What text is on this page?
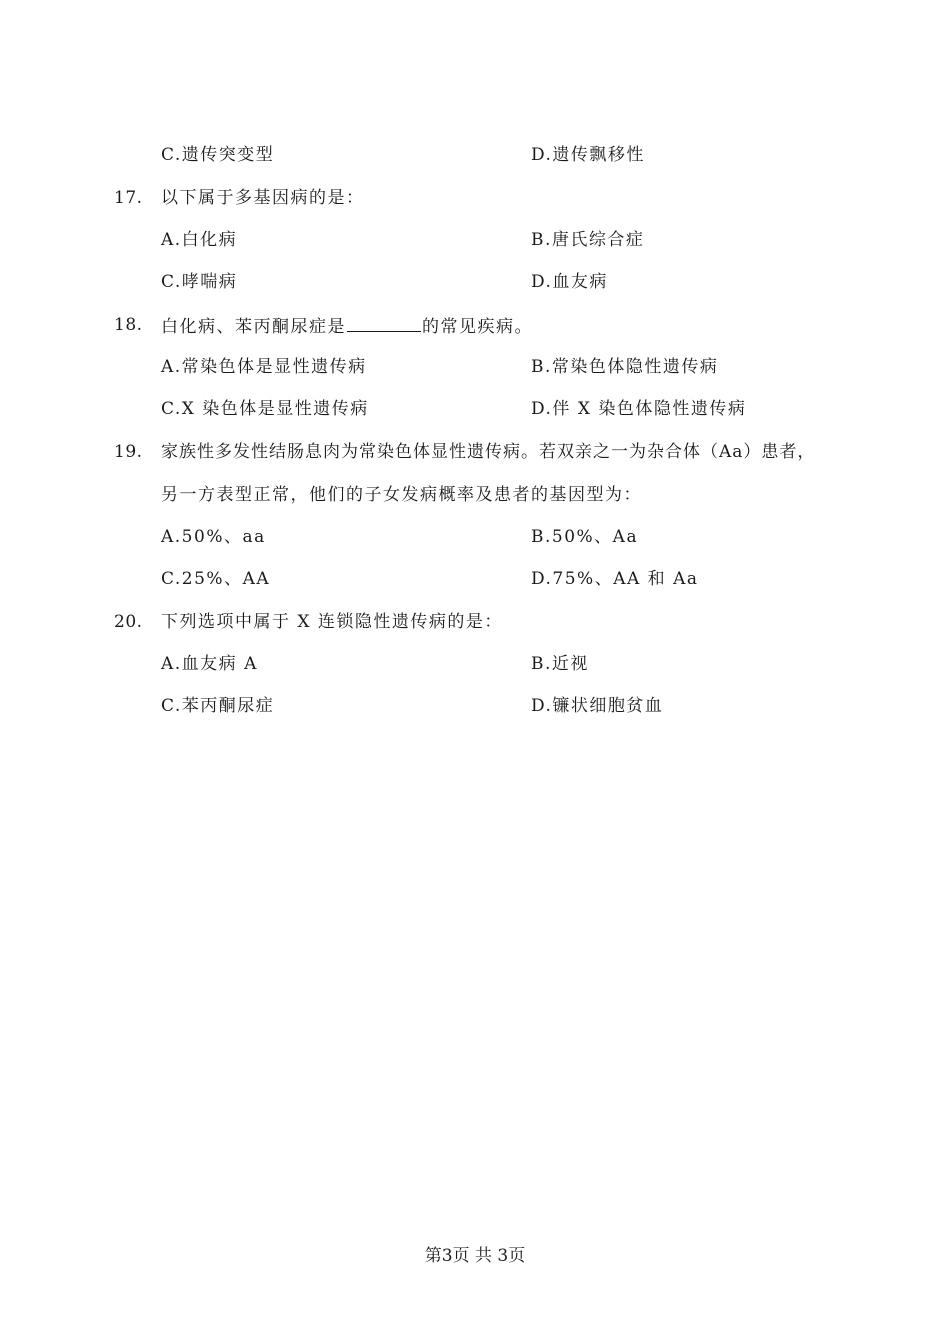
C.遗传突变型	D.遗传飘移性
17. 以下属于多基因病的是：
A.白化病	B.唐氏综合症
C.哮喘病	D.血友病
18. 白化病、苯丙酮尿症是	的常见疾病。
A.常染色体是显性遗传病	B.常染色体隐性遗传病
C.X 染色体是显性遗传病	D.伴 X 染色体隐性遗传病
19. 家族性多发性结肠息肉为常染色体显性遗传病。若双亲之一为杂合体（Aa）患者，
另一方表型正常，他们的子女发病概率及患者的基因型为：
A.50%、aa	B.50%、Aa
C.25%、AA	D.75%、AA 和 Aa
20. 下列选项中属于 X 连锁隐性遗传病的是：
A.血友病 A	B.近视
C.苯丙酮尿症	D.镰状细胞贫血
第3页 共 3页
